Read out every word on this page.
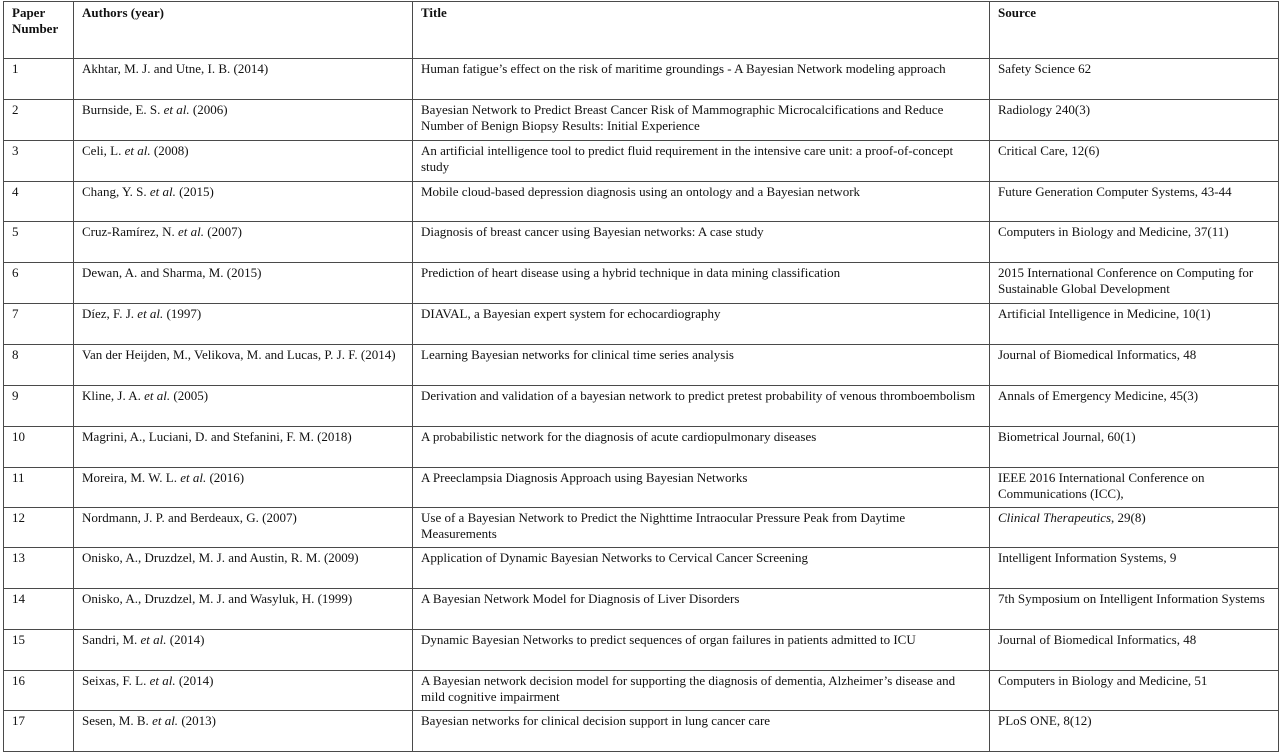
Paper Number	Authors (year)	Title	Source
1	Akhtar, M. J. and Utne, I. B. (2014)	Human fatigue’s effect on the risk of maritime groundings - A Bayesian Network modeling approach	Safety Science 62
2	Burnside, E. S. et al. (2006)	Bayesian Network to Predict Breast Cancer Risk of Mammographic Microcalcifications and Reduce Number of Benign Biopsy Results: Initial Experience	Radiology 240(3)
3	Celi, L. et al. (2008)	An artificial intelligence tool to predict fluid requirement in the intensive care unit: a proof-of-concept study	Critical Care, 12(6)
4	Chang, Y. S. et al. (2015)	Mobile cloud-based depression diagnosis using an ontology and a Bayesian network	Future Generation Computer Systems, 43-44
5	Cruz-Ramírez, N. et al. (2007)	Diagnosis of breast cancer using Bayesian networks: A case study	Computers in Biology and Medicine, 37(11)
6	Dewan, A. and Sharma, M. (2015)	Prediction of heart disease using a hybrid technique in data mining classification	2015 International Conference on Computing for Sustainable Global Development
7	Díez, F. J. et al. (1997)	DIAVAL, a Bayesian expert system for echocardiography	Artificial Intelligence in Medicine, 10(1)
8	Van der Heijden, M., Velikova, M. and Lucas, P. J. F. (2014)	Learning Bayesian networks for clinical time series analysis	Journal of Biomedical Informatics, 48
9	Kline, J. A. et al. (2005)	Derivation and validation of a bayesian network to predict pretest probability of venous thromboembolism	Annals of Emergency Medicine, 45(3)
10	Magrini, A., Luciani, D. and Stefanini, F. M. (2018)	A probabilistic network for the diagnosis of acute cardiopulmonary diseases	Biometrical Journal, 60(1)
11	Moreira, M. W. L. et al. (2016)	A Preeclampsia Diagnosis Approach using Bayesian Networks	IEEE 2016 International Conference on Communications (ICC),
12	Nordmann, J. P. and Berdeaux, G. (2007)	Use of a Bayesian Network to Predict the Nighttime Intraocular Pressure Peak from Daytime Measurements	Clinical Therapeutics, 29(8)
13	Onisko, A., Druzdzel, M. J. and Austin, R. M. (2009)	Application of Dynamic Bayesian Networks to Cervical Cancer Screening	Intelligent Information Systems, 9
14	Onisko, A., Druzdzel, M. J. and Wasyluk, H. (1999)	A Bayesian Network Model for Diagnosis of Liver Disorders	7th Symposium on Intelligent Information Systems
15	Sandri, M. et al. (2014)	Dynamic Bayesian Networks to predict sequences of organ failures in patients admitted to ICU	Journal of Biomedical Informatics, 48
16	Seixas, F. L. et al. (2014)	A Bayesian network decision model for supporting the diagnosis of dementia, Alzheimer’s disease and mild cognitive impairment	Computers in Biology and Medicine, 51
17	Sesen, M. B. et al. (2013)	Bayesian networks for clinical decision support in lung cancer care	PLoS ONE, 8(12)
